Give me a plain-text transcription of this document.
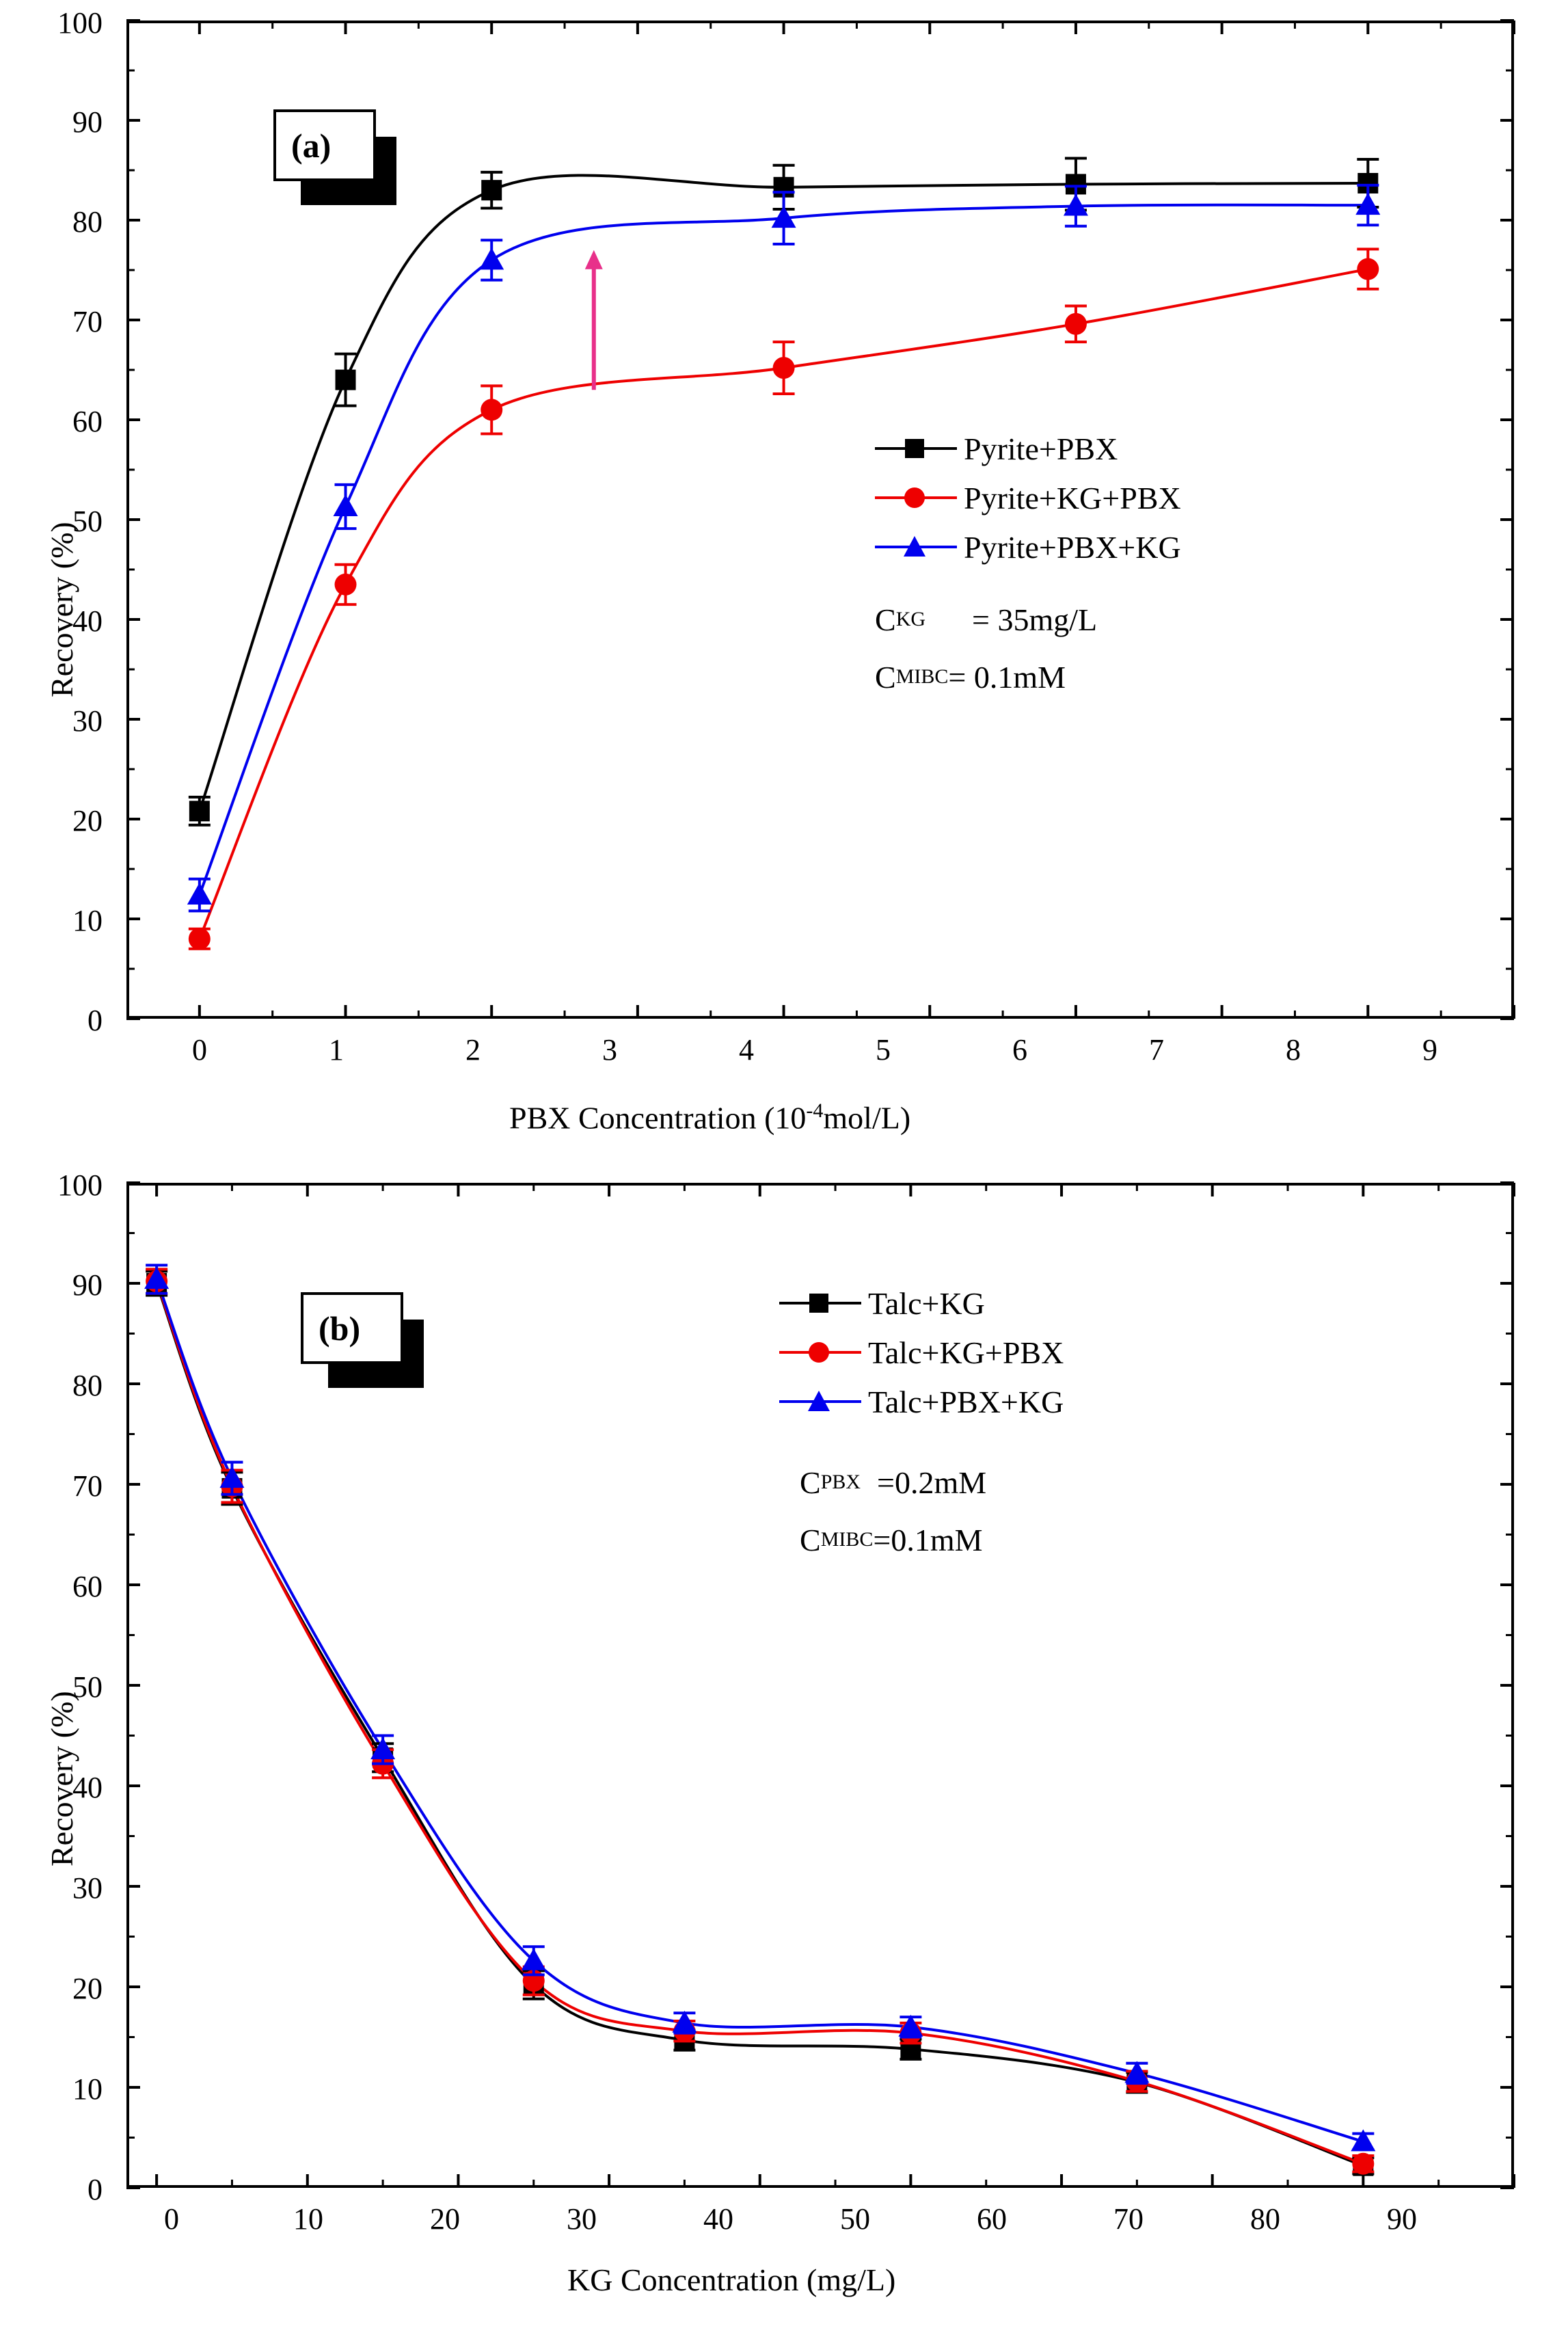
Recovery (%)
PBX Concentration $(10^{-4}mol/L)$
100
90
80
70
60
50
40
30
20
10
0
0	1	2	3	4	5	6	7	8	9
(a)
Pyrite+PBX
Pyrite+KG+PBX
Pyrite+PBX+KG
C KG = 35mg/L
C MIBC = 0.1mM
Recovery (%)
KG Concentration (mg/L)
100
90
80
70
60
50
40
30
20
10
0
0	10	20	30	40	50	60	70	80	90
(b)
Talc+KG
Talc+KG+PBX
Talc+PBX+KG
C PBX =0.2mM
C MIBC =0.1mM
